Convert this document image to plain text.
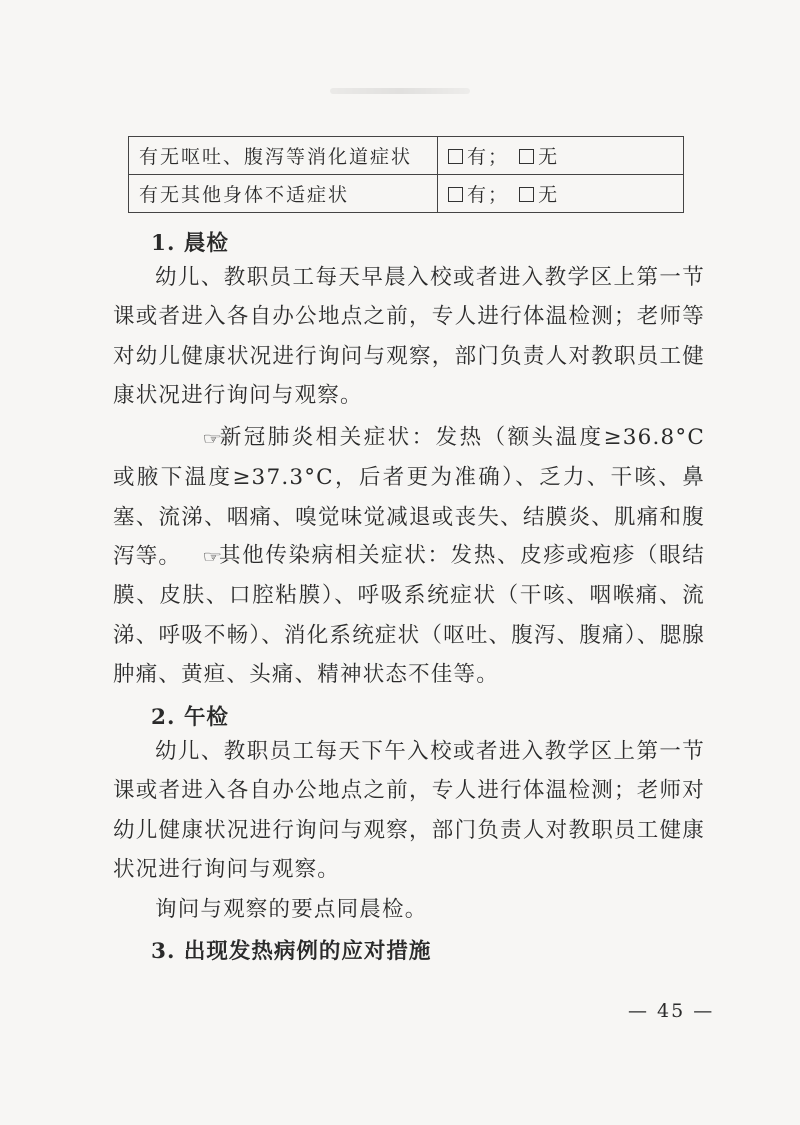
有无呕吐、腹泻等消化道症状	有； 无
有无其他身体不适症状	有； 无
1. 晨检

幼儿、教职员工每天早晨入校或者进入教学区上第一节课或者进入各自办公地点之前，专人进行体温检测；老师等对幼儿健康状况进行询问与观察，部门负责人对教职员工健康状况进行询问与观察。

☞新冠肺炎相关症状：发热（额头温度≥36.8°C或腋下温度≥37.3°C，后者更为准确）、乏力、干咳、鼻塞、流涕、咽痛、嗅觉味觉减退或丧失、结膜炎、肌痛和腹泻等。	☞其他传染病相关症状：发热、皮疹或疱疹（眼结膜、皮肤、口腔粘膜）、呼吸系统症状（干咳、咽喉痛、流涕、呼吸不畅）、消化系统症状（呕吐、腹泻、腹痛）、腮腺肿痛、黄疸、头痛、精神状态不佳等。

2. 午检

幼儿、教职员工每天下午入校或者进入教学区上第一节课或者进入各自办公地点之前，专人进行体温检测；老师对幼儿健康状况进行询问与观察，部门负责人对教职员工健康状况进行询问与观察。

询问与观察的要点同晨检。

3. 出现发热病例的应对措施
— 45 —
